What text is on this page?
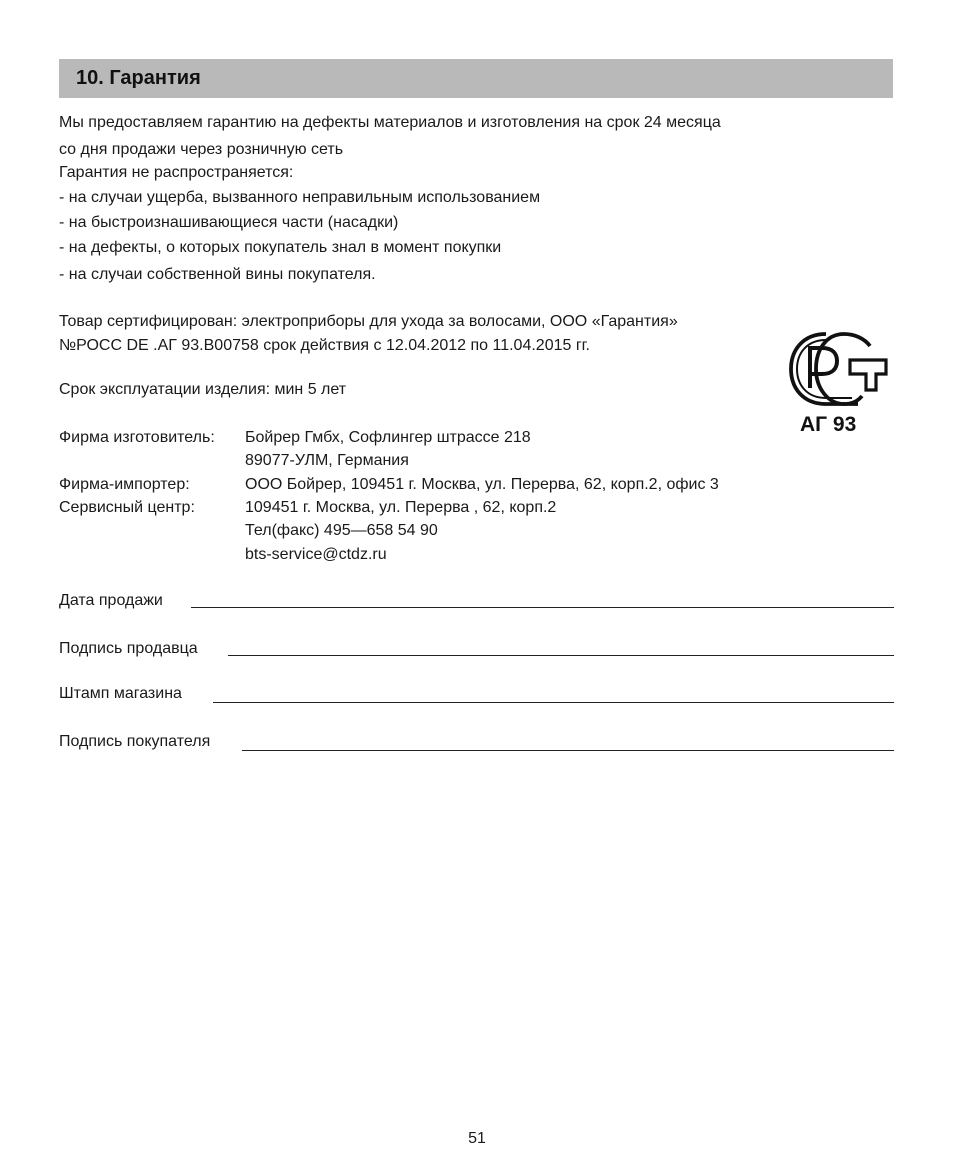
10. Гарантия
Мы предоставляем гарантию на дефекты материалов и изготовления на срок 24 месяца
со дня продажи через розничную сеть
Гарантия не распространяется:
- на случаи ущерба, вызванного неправильным использованием
- на быстроизнашивающиеся части (насадки)
- на дефекты, о которых покупатель знал в момент покупки
- на случаи собственной вины покупателя.
Товар сертифицирован: электроприборы для ухода за волосами, ООО «Гарантия»
№РОСС DE .АГ 93.В00758 срок действия с 12.04.2012 по 11.04.2015 гг.
Срок эксплуатации изделия: мин 5 лет
АГ 93
Фирма изготовитель: Бойрер Гмбх, Софлингер штрассе 218
89077-УЛМ, Германия
Фирма-импортер:	ООО Бойрер, 109451 г. Москва, ул. Перерва, 62, корп.2, офис 3
Сервисный центр:	109451 г. Москва, ул. Перерва , 62, корп.2
Тел(факс) 495—658 54 90
bts-service@ctdz.ru
Дата продажи
Подпись продавца
Штамп магазина
Подпись покупателя
51
